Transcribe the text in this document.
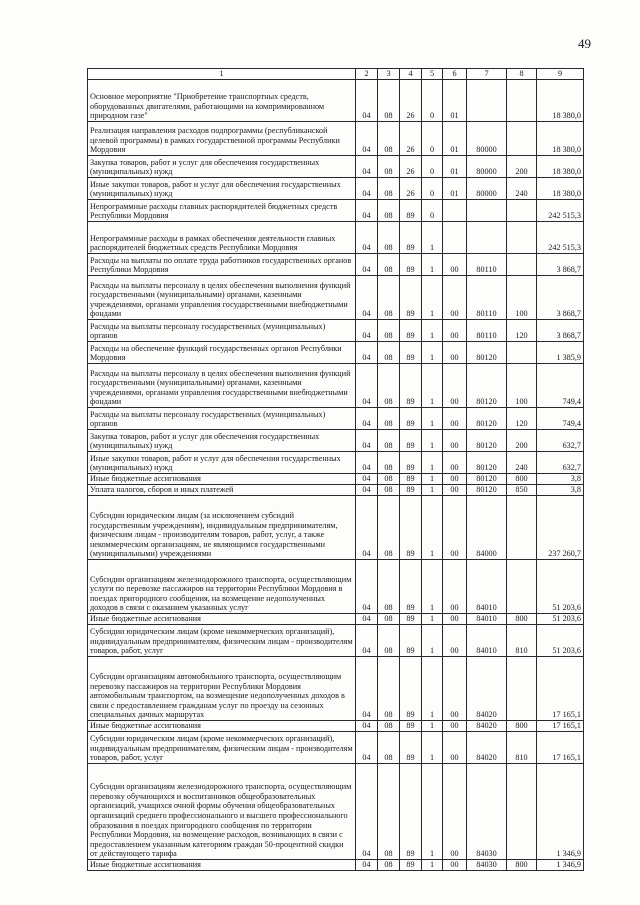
49
1	2	3	4	5	6	7	8	9
Основное мероприятие "Приобретение транспортных средств, оборудованных двигателями, работающими на компримированном природном газе"	04	08	26	0	01			18 380,0
Реализация направления расходов подпрограммы (республиканской целевой программы) в рамках государственной программы Республики Мордовия	04	08	26	0	01	80000		18 380,0
Закупка товаров, работ и услуг для обеспечения государственных (муниципальных) нужд	04	08	26	0	01	80000	200	18 380,0
Иные закупки товаров, работ и услуг для обеспечения государственных (муниципальных) нужд	04	08	26	0	01	80000	240	18 380,0
Непрограммные расходы главных распорядителей бюджетных средств Республики Мордовия	04	08	89	0				242 515,3
Непрограммные расходы в рамках обеспечения деятельности главных распорядителей бюджетных средств Республики Мордовия	04	08	89	1				242 515,3
Расходы на выплаты по оплате труда работников государственных органов Республики Мордовия	04	08	89	1	00	80110		3 868,7
Расходы на выплаты персоналу в целях обеспечения выполнения функций государственными (муниципальными) органами, казенными учреждениями, органами управления государственными внебюджетными фондами	04	08	89	1	00	80110	100	3 868,7
Расходы на выплаты персоналу государственных (муниципальных) органов	04	08	89	1	00	80110	120	3 868,7
Расходы на обеспечение функций государственных органов Республики Мордовия	04	08	89	1	00	80120		1 385,9
Расходы на выплаты персоналу в целях обеспечения выполнения функций государственными (муниципальными) органами, казенными учреждениями, органами управления государственными внебюджетными фондами	04	08	89	1	00	80120	100	749,4
Расходы на выплаты персоналу государственных (муниципальных) органов	04	08	89	1	00	80120	120	749,4
Закупка товаров, работ и услуг для обеспечения государственных (муниципальных) нужд	04	08	89	1	00	80120	200	632,7
Иные закупки товаров, работ и услуг для обеспечения государственных (муниципальных) нужд	04	08	89	1	00	80120	240	632,7
Иные бюджетные ассигнования	04	08	89	1	00	80120	800	3,8
Уплата налогов, сборов и иных платежей	04	08	89	1	00	80120	850	3,8
Субсидии юридическим лицам (за исключением субсидий государственным учреждениям), индивидуальным предпринимателям, физическим лицам - производителям товаров, работ, услуг, а также некоммерческим организациям, не являющимся государственными (муниципальными) учреждениями	04	08	89	1	00	84000		237 260,7
Субсидии организациям железнодорожного транспорта, осуществляющим услуги по перевозке пассажиров на территории Республики Мордовия в поездах пригородного сообщения, на возмещение недополученных доходов в связи с оказанием указанных услуг	04	08	89	1	00	84010		51 203,6
Иные бюджетные ассигнования	04	08	89	1	00	84010	800	51 203,6
Субсидии юридическим лицам (кроме некоммерческих организаций), индивидуальным предпринимателям, физическим лицам - производителям товаров, работ, услуг	04	08	89	1	00	84010	810	51 203,6
Субсидии организациям автомобильного транспорта, осуществляющим перевозку пассажиров на территории Республики Мордовия автомобильным транспортом, на возмещение недополученных доходов в связи с предоставлением гражданам услуг по проезду на сезонных специальных дачных маршрутах	04	08	89	1	00	84020		17 165,1
Иные бюджетные ассигнования	04	08	89	1	00	84020	800	17 165,1
Субсидии юридическим лицам (кроме некоммерческих организаций), индивидуальным предпринимателям, физическим лицам - производителям товаров, работ, услуг	04	08	89	1	00	84020	810	17 165,1
Субсидии организациям железнодорожного транспорта, осуществляющим перевозку обучающихся и воспитанников общеобразовательных организаций, учащихся очной формы обучения общеобразовательных организаций среднего профессионального и высшего профессионального образования в поездах пригородного сообщения по территории Республики Мордовия, на возмещение расходов, возникающих в связи с предоставлением указанным категориям граждан 50-процентной скидки от действующего тарифа	04	08	89	1	00	84030		1 346,9
Иные бюджетные ассигнования	04	08	89	1	00	84030	800	1 346,9
